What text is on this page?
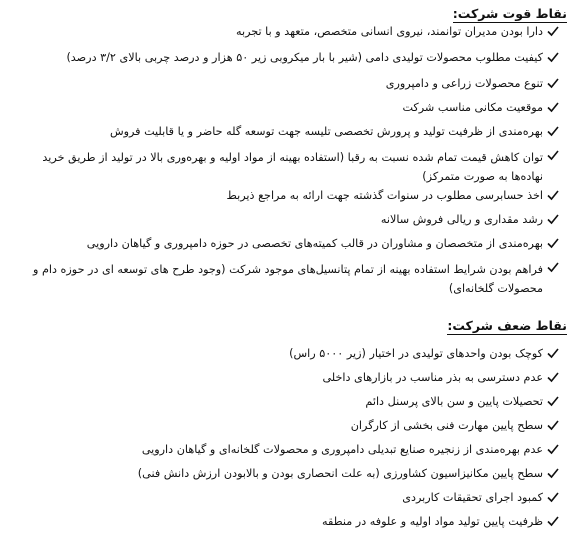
نقاط قوت شرکت:
دارا بودن مدیران توانمند، نیروی انسانی متخصص، متعهد و با تجربه
کیفیت مطلوب محصولات تولیدی دامی (شیر با بار میکروبی زیر ۵۰ هزار و درصد چربی بالای ۳/۲ درصد)
تنوع محصولات زراعی و دامپروری
موقعیت مکانی مناسب شرکت
بهره‌مندی از ظرفیت تولید و پرورش تخصصی تلیسه جهت توسعه گله حاضر و یا قابلیت فروش
توان کاهش قیمت تمام شده نسبت به رقبا (استفاده بهینه از مواد اولیه و بهره‌وری بالا در تولید از طریق خرید نهاده‌ها به صورت متمرکز)
اخذ حسابرسی مطلوب در سنوات گذشته جهت ارائه به مراجع ذیربط
رشد مقداری و ریالی فروش سالانه
بهره‌مندی از متخصصان و مشاوران در قالب کمیته‌های تخصصی در حوزه دامپروری و گیاهان دارویی
فراهم بودن شرایط استفاده بهینه از تمام پتانسیل‌های موجود شرکت (وجود طرح های توسعه ای در حوزه دام و محصولات گلخانه‌ای)
نقاط ضعف شرکت:
کوچک بودن واحدهای تولیدی در اختیار (زیر ۵۰۰۰ راس)
عدم دسترسی به بذر مناسب در بازارهای داخلی
تحصیلات پایین و سن بالای پرسنل دائم
سطح پایین مهارت فنی بخشی از کارگران
عدم بهره‌مندی از زنجیره صنایع تبدیلی دامپروری و محصولات گلخانه‌ای و گیاهان دارویی
سطح پایین مکانیزاسیون کشاورزی (به علت انحصاری بودن و بالابودن ارزش دانش فنی)
کمبود اجرای تحقیقات کاربردی
ظرفیت پایین تولید مواد اولیه و علوفه در منطقه
